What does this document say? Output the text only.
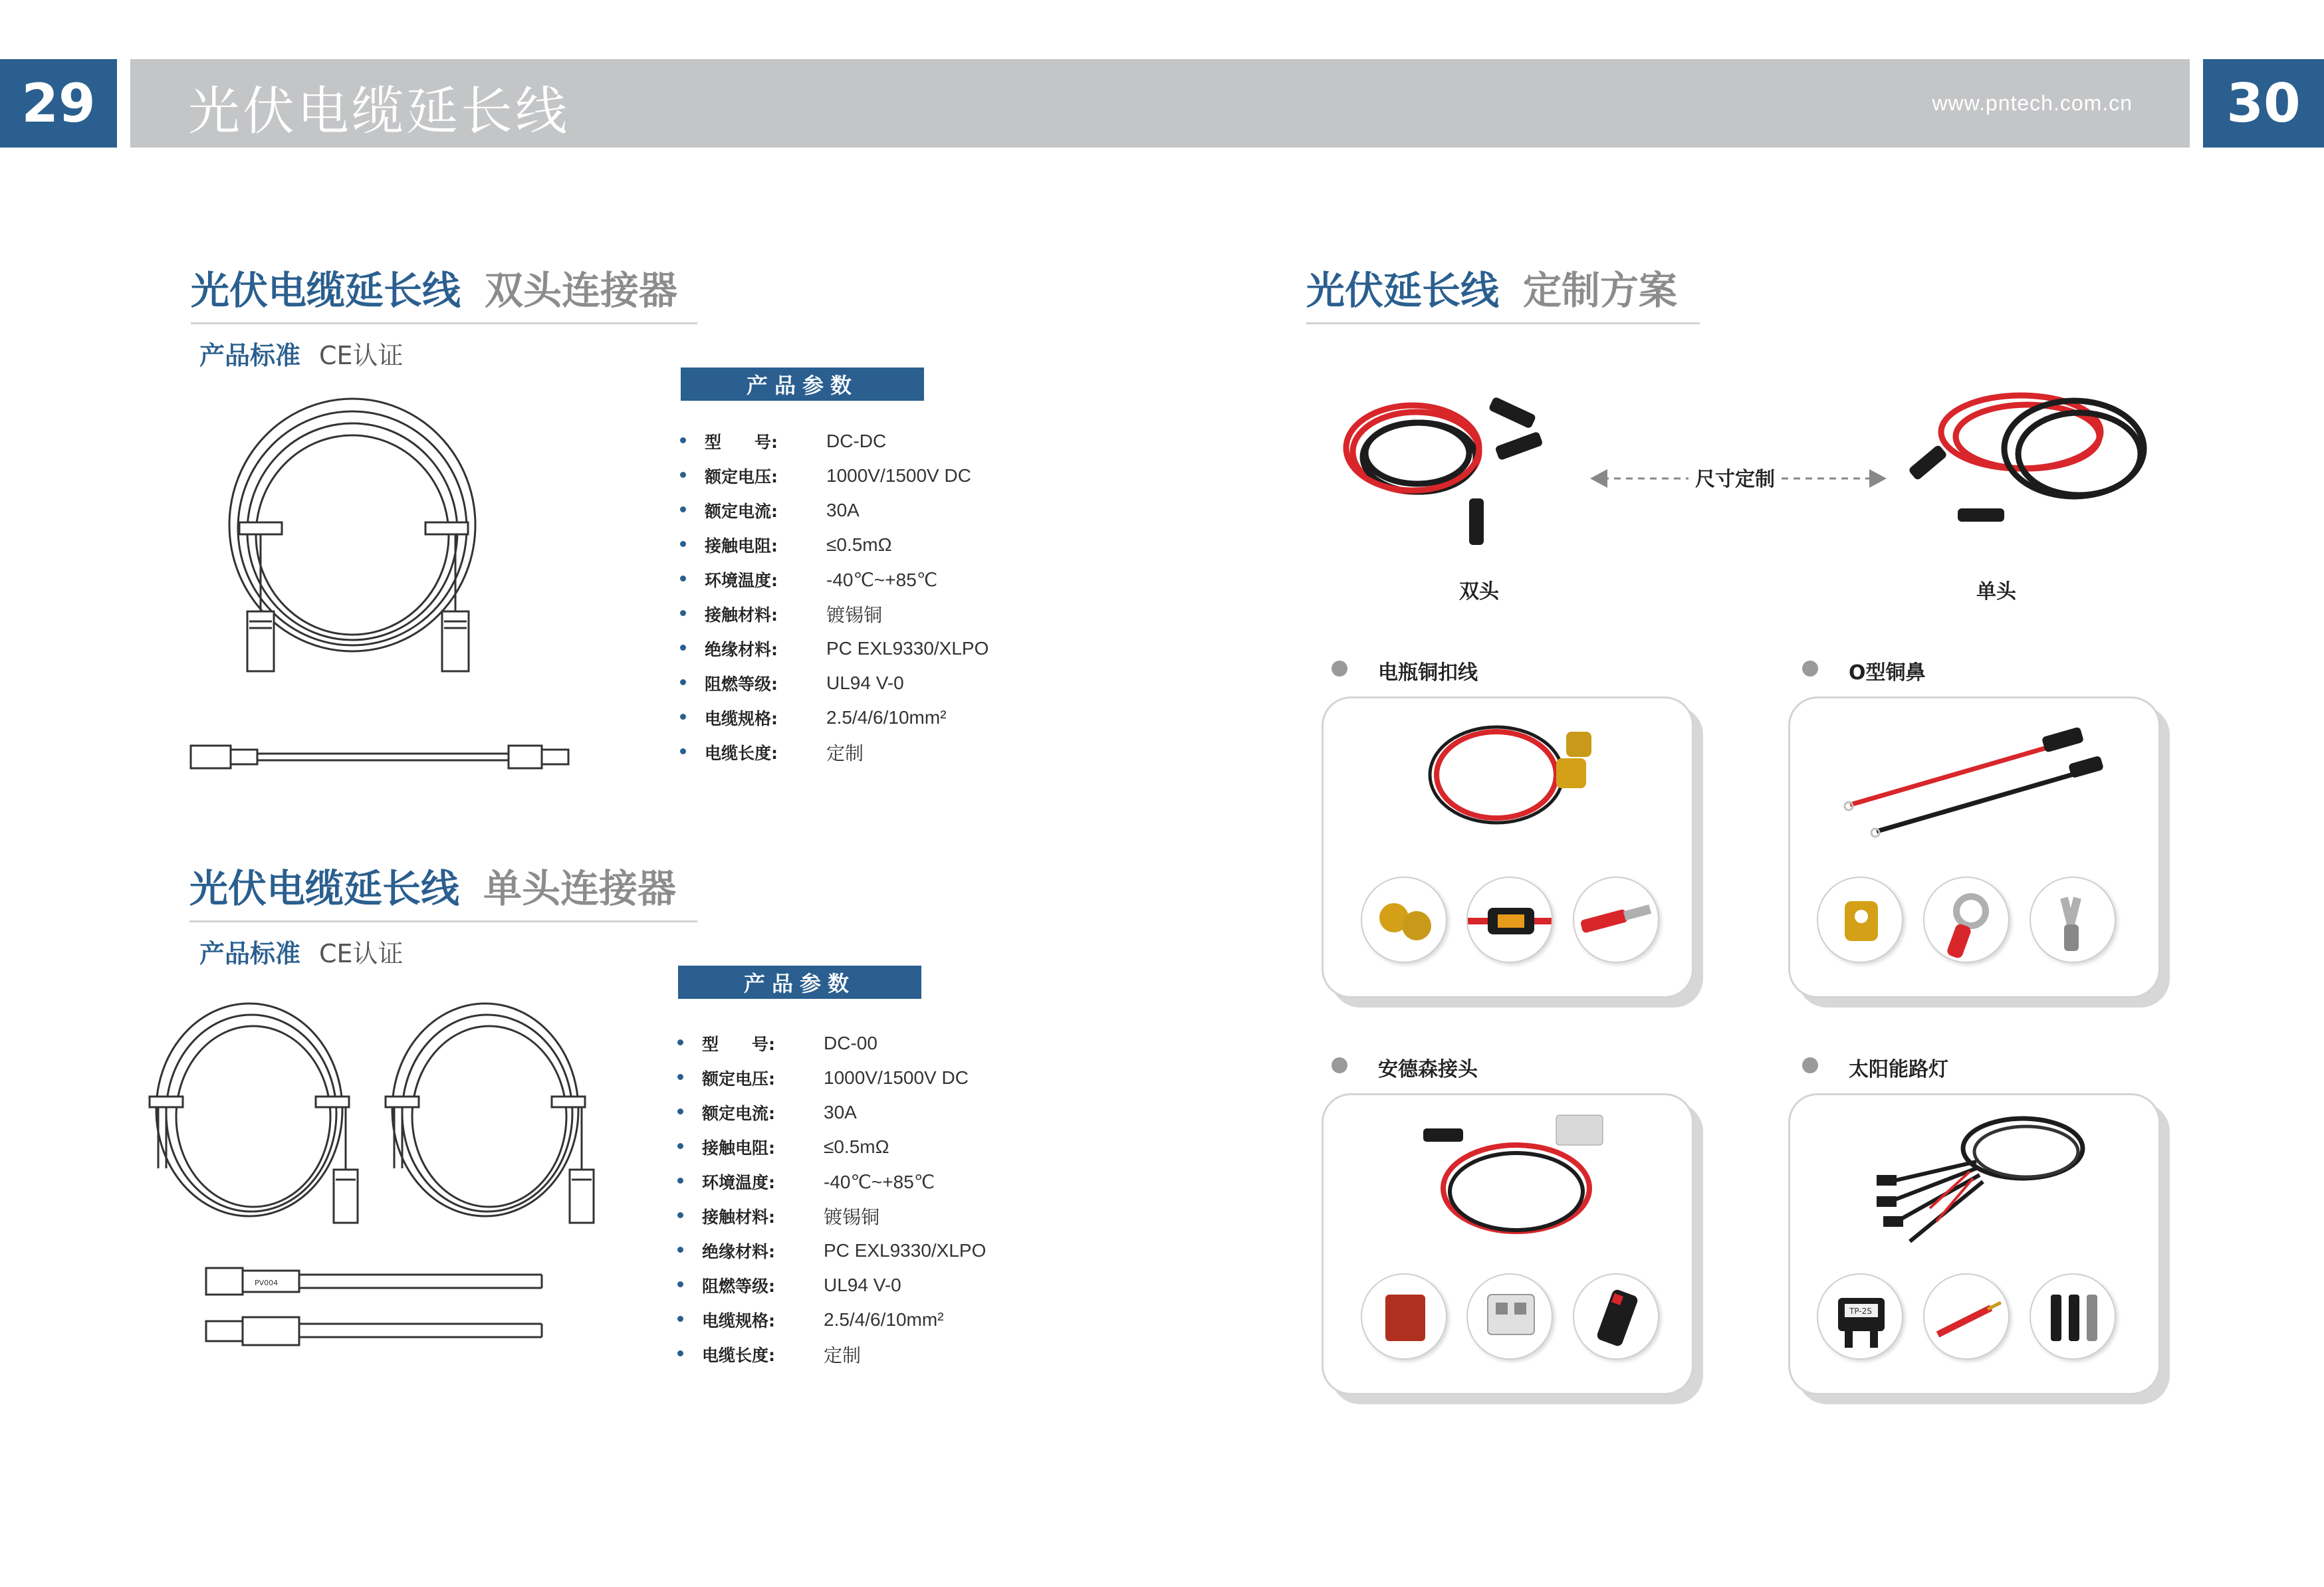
29	光伏电缆延长线	www.pntech.com.cn	30
光伏电缆延长线 双头连接器
产品标准 CE认证
产品参数
型　　号:	DC-DC
额定电压:	1000V/1500V DC
额定电流:	30A
接触电阻:	≤0.5mΩ
环境温度:	-40℃~+85℃
接触材料:	镀锡铜
绝缘材料:	PC EXL9330/XLPO
阻燃等级:	UL94 V-0
电缆规格:	2.5/4/6/10mm²
电缆长度:	定制
光伏电缆延长线 单头连接器
产品标准 CE认证
PV004
产品参数
型　　号:	DC-00
额定电压:	1000V/1500V DC
额定电流:	30A
接触电阻:	≤0.5mΩ
环境温度:	-40℃~+85℃
接触材料:	镀锡铜
绝缘材料:	PC EXL9330/XLPO
阻燃等级:	UL94 V-0
电缆规格:	2.5/4/6/10mm²
电缆长度:	定制
光伏延长线 定制方案
双头
尺寸定制
单头
电瓶铜扣线	O型铜鼻
安德森接头	太阳能路灯
TP-2S
